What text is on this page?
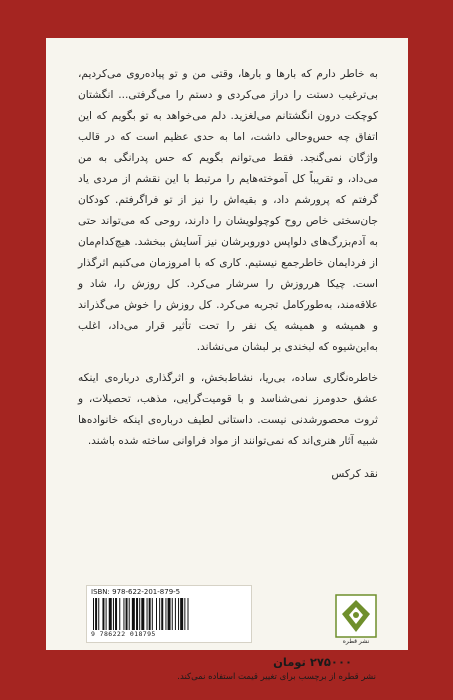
به خاطر دارم که بارها و بارها، وقتی من و تو پیاده‌روی می‌کردیم، بی‌ترغیب دستت را دراز می‌کردی و دستم را می‌گرفتی... انگشتان کوچکت درون انگشتانم می‌لغزید. دلم می‌خواهد به تو بگویم که این اتفاق چه حس‌وحالی داشت، اما به حدی عظیم است که در قالب واژگان نمی‌گنجد. فقط می‌توانم بگویم که حس پدرانگی به من می‌داد، و تقریباً کل آموخته‌هایم را مرتبط با این نقشم از مردی یاد گرفتم که پرورشم داد، و بقیه‌اش را نیز از تو فراگرفتم. کودکان جان‌سختی خاص روح کوچولویشان را دارند، روحی که می‌تواند حتی به آدم‌بزرگ‌های دلواپس دوروبرشان نیز آسایش ببخشد. هیچ‌کدام‌مان از فردایمان خاطرجمع نیستیم. کاری که با امروزمان می‌کنیم اثرگذار است. چیکا هرروزش را سرشار می‌کرد. کل روزش را، شاد و علاقه‌مند، به‌طورکامل تجربه می‌کرد. کل روزش را خوش می‌گذراند و همیشه و همیشه یک نفر را تحت تأثیر قرار می‌داد، اغلب به‌این‌شیوه که لبخندی بر لبشان می‌نشاند.

خاطره‌نگاری ساده، بی‌ریا، نشاط‌بخش، و اثرگذاری درباره‌ی اینکه عشق حدومرز نمی‌شناسد و با قومیت‌گرایی، مذهب، تحصیلات، و ثروت محصورشدنی نیست. داستانی لطیف درباره‌ی اینکه خانواده‌ها شبیه آثار هنری‌اند که نمی‌توانند از مواد فراوانی ساخته شده باشند.

نقد کرکس

ISBN: 978-622-201-879-5
9 786222 018795
نشر قطره
۲۷۵۰۰۰ تومان
نشر قطره از برچسب برای تغییر قیمت استفاده نمی‌کند.
